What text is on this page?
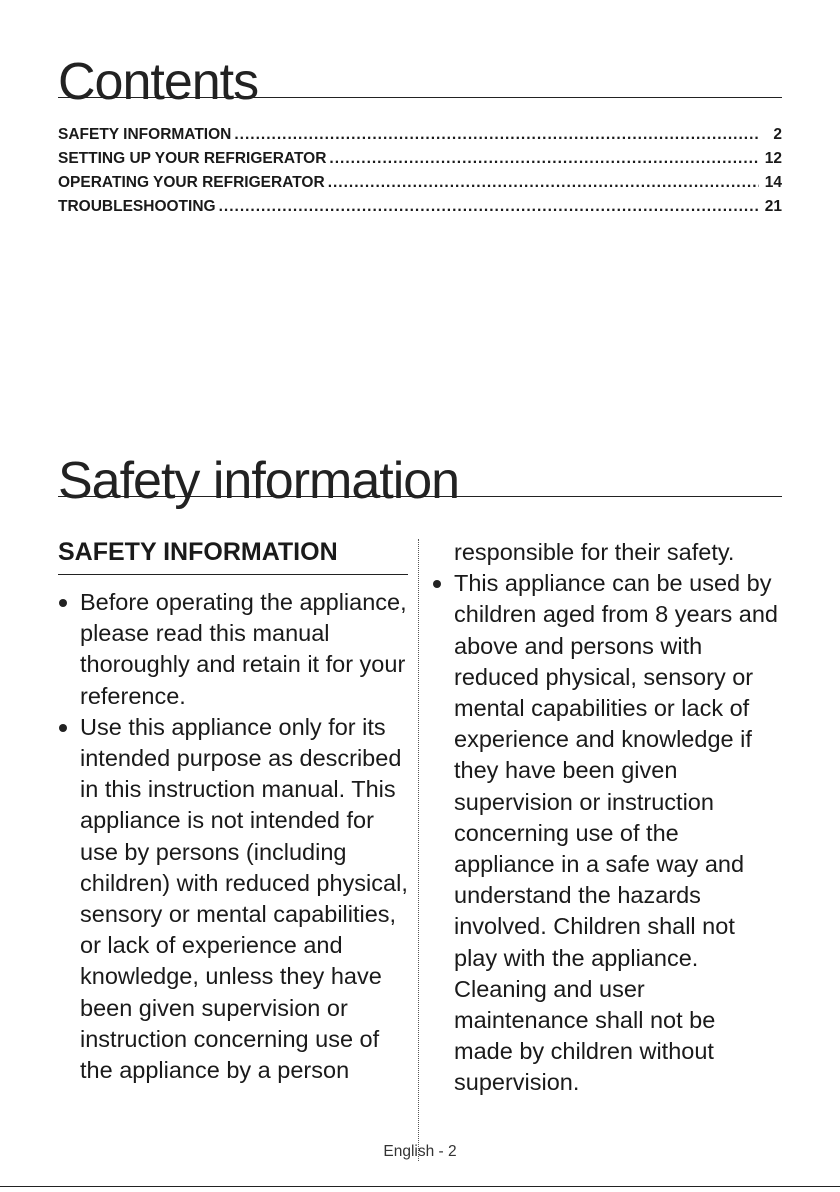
Contents
SAFETY INFORMATION .....	2
SETTING UP YOUR REFRIGERATOR .....	12
OPERATING YOUR REFRIGERATOR .....	14
TROUBLESHOOTING .....	21
Safety information
SAFETY INFORMATION
Before operating the appliance, please read this manual thoroughly and retain it for your reference.
Use this appliance only for its intended purpose as described in this instruction manual. This appliance is not intended for use by persons (including children) with reduced physical, sensory or mental capabilities, or lack of experience and knowledge, unless they have been given supervision or instruction concerning use of the appliance by a person
responsible for their safety.
This appliance can be used by children aged from 8 years and above and persons with reduced physical, sensory or mental capabilities or lack of experience and knowledge if they have been given supervision or instruction concerning use of the appliance in a safe way and understand the hazards involved. Children shall not play with the appliance. Cleaning and user maintenance shall not be made by children without supervision.
English - 2
